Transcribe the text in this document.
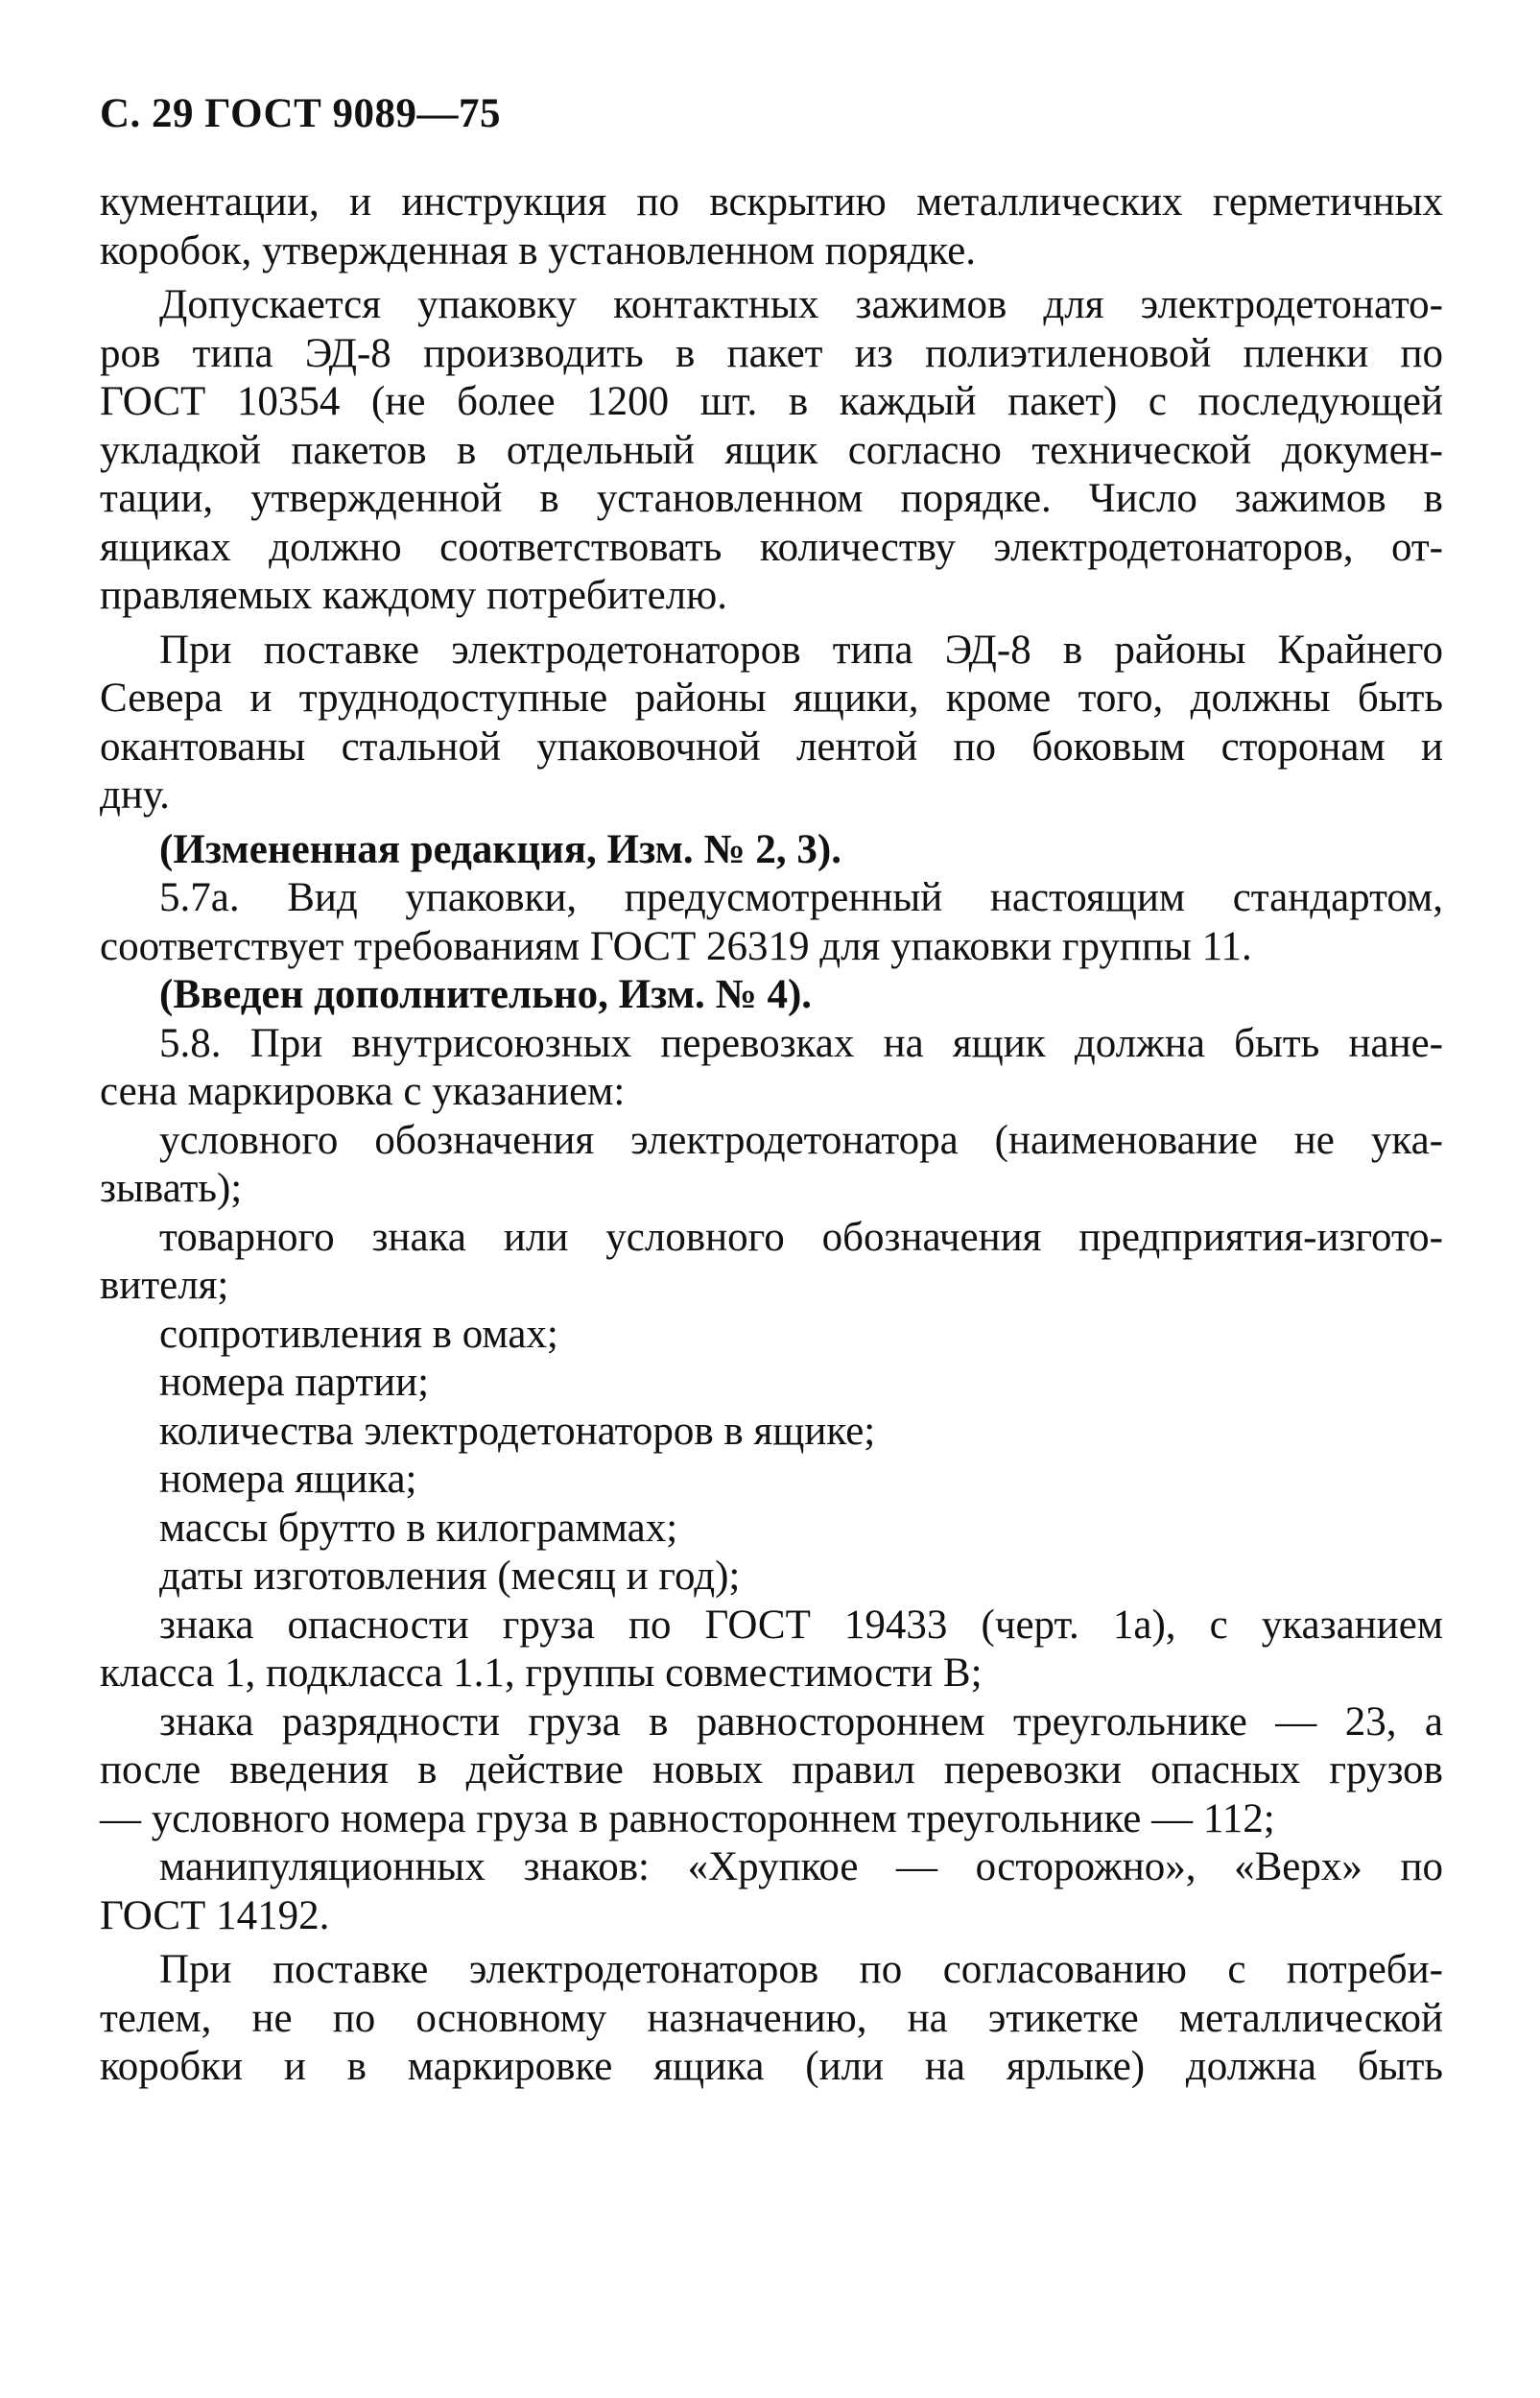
С. 29 ГОСТ 9089—75
кументации, и инструкция по вскрытию металлических герметичных
коробок, утвержденная в установленном порядке.
Допускается упаковку контактных зажимов для электродетонато-
ров типа ЭД-8 производить в пакет из полиэтиленовой пленки по
ГОСТ 10354 (не более 1200 шт. в каждый пакет) с последующей
укладкой пакетов в отдельный ящик согласно технической докумен-
тации, утвержденной в установленном порядке. Число зажимов в
ящиках должно соответствовать количеству электродетонаторов, от-
правляемых каждому потребителю.
При поставке электродетонаторов типа ЭД-8 в районы Крайнего
Севера и труднодоступные районы ящики, кроме того, должны быть
окантованы стальной упаковочной лентой по боковым сторонам и
дну.
(Измененная редакция, Изм. № 2, 3).
5.7а. Вид упаковки, предусмотренный настоящим стандартом,
соответствует требованиям ГОСТ 26319 для упаковки группы 11.
(Введен дополнительно, Изм. № 4).
5.8. При внутрисоюзных перевозках на ящик должна быть нане-
сена маркировка с указанием:
условного обозначения электродетонатора (наименование не ука-
зывать);
товарного знака или условного обозначения предприятия-изгото-
вителя;
сопротивления в омах;
номера партии;
количества электродетонаторов в ящике;
номера ящика;
массы брутто в килограммах;
даты изготовления (месяц и год);
знака опасности груза по ГОСТ 19433 (черт. 1а), с указанием
класса 1, подкласса 1.1, группы совместимости В;
знака разрядности груза в равностороннем треугольнике — 23, а
после введения в действие новых правил перевозки опасных грузов
— условного номера груза в равностороннем треугольнике — 112;
манипуляционных знаков: «Хрупкое — осторожно», «Верх» по
ГОСТ 14192.
При поставке электродетонаторов по согласованию с потреби-
телем, не по основному назначению, на этикетке металлической
коробки и в маркировке ящика (или на ярлыке) должна быть
